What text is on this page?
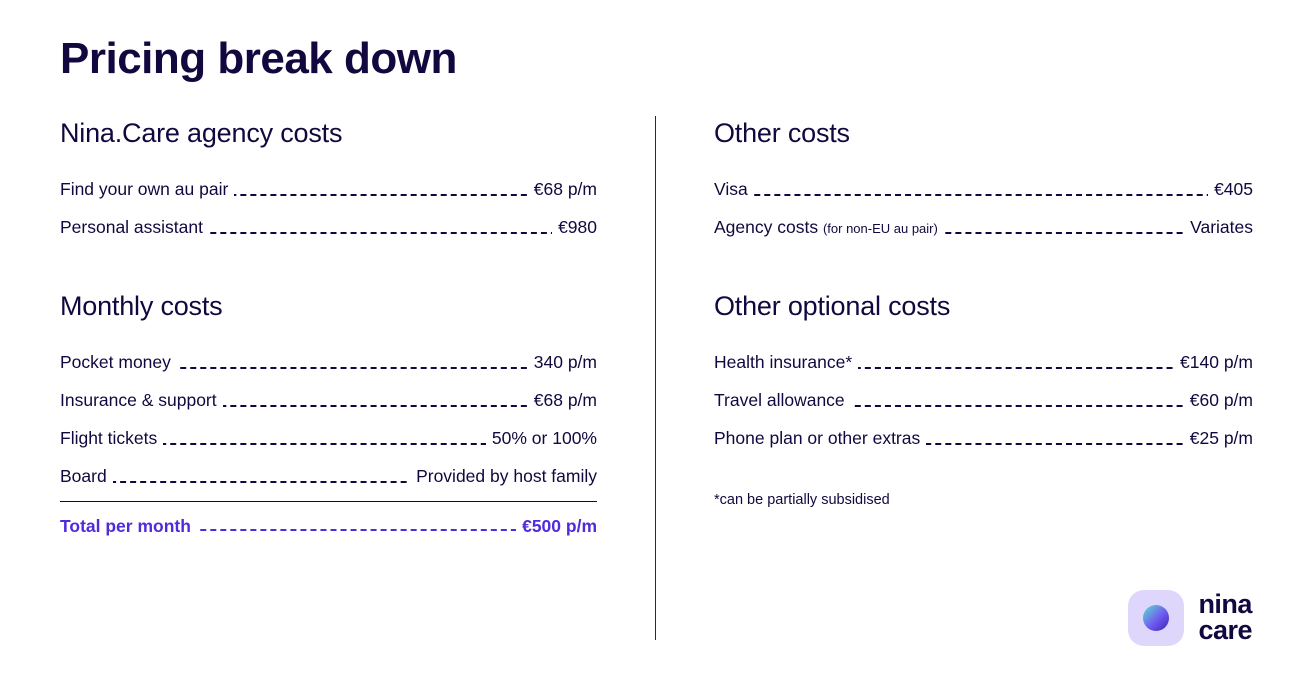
Pricing break down
Nina.Care agency costs
Find your own au pair	€68 p/m
Personal assistant	€980
Monthly costs
Pocket money	340 p/m
Insurance & support	€68 p/m
Flight tickets	50% or 100%
Board	Provided by host family
Total per month	€500 p/m
Other costs
Visa	€405
Agency costs (for non-EU au pair)	Variates
Other optional costs
Health insurance*	€140 p/m
Travel allowance	€60 p/m
Phone plan or other extras	€25 p/m
*can be partially subsidised
nina
care
